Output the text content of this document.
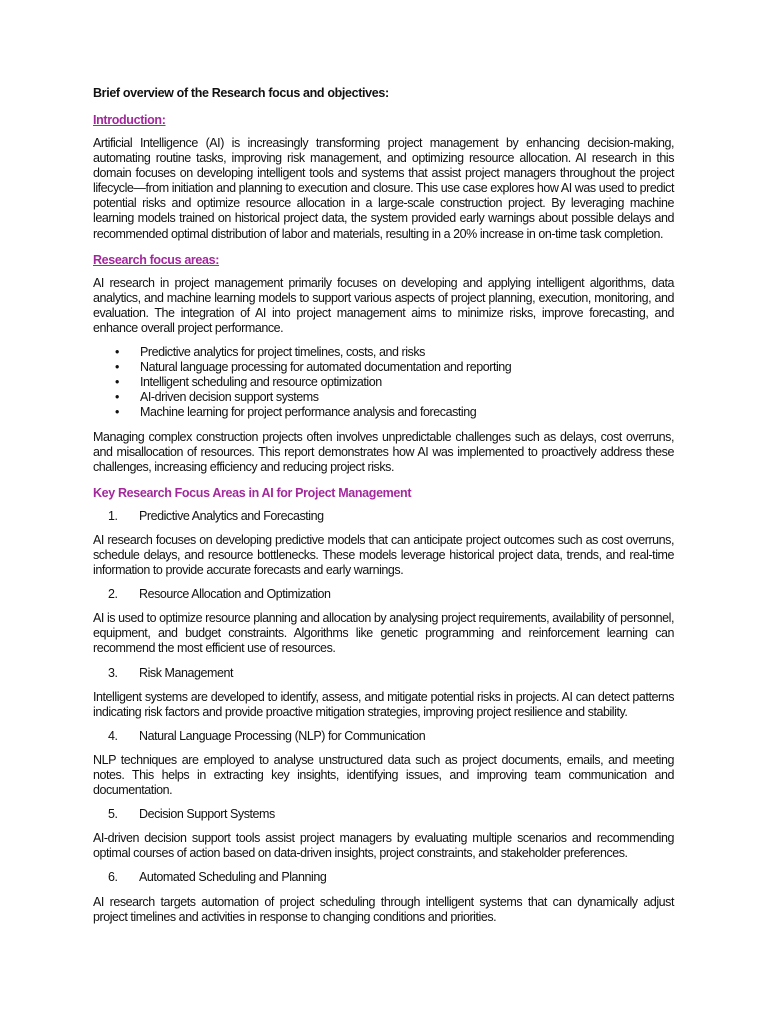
Brief overview of the Research focus and objectives:
Introduction:

Artificial Intelligence (AI) is increasingly transforming project management by enhancing decision-making, automating routine tasks, improving risk management, and optimizing resource allocation. AI research in this domain focuses on developing intelligent tools and systems that assist project managers throughout the project lifecycle—from initiation and planning to execution and closure. This use case explores how AI was used to predict potential risks and optimize resource allocation in a large-scale construction project. By leveraging machine learning models trained on historical project data, the system provided early warnings about possible delays and recommended optimal distribution of labor and materials, resulting in a 20% increase in on-time task completion.

Research focus areas:

AI research in project management primarily focuses on developing and applying intelligent algorithms, data analytics, and machine learning models to support various aspects of project planning, execution, monitoring, and evaluation. The integration of AI into project management aims to minimize risks, improve forecasting, and enhance overall project performance.

• Predictive analytics for project timelines, costs, and risks
• Natural language processing for automated documentation and reporting
• Intelligent scheduling and resource optimization
• AI-driven decision support systems
• Machine learning for project performance analysis and forecasting

Managing complex construction projects often involves unpredictable challenges such as delays, cost overruns, and misallocation of resources. This report demonstrates how AI was implemented to proactively address these challenges, increasing efficiency and reducing project risks.

Key Research Focus Areas in AI for Project Management
1.	Predictive Analytics and Forecasting

AI research focuses on developing predictive models that can anticipate project outcomes such as cost overruns, schedule delays, and resource bottlenecks. These models leverage historical project data, trends, and real-time information to provide accurate forecasts and early warnings.

2.	Resource Allocation and Optimization

AI is used to optimize resource planning and allocation by analysing project requirements, availability of personnel, equipment, and budget constraints. Algorithms like genetic programming and reinforcement learning can recommend the most efficient use of resources.

3.	Risk Management

Intelligent systems are developed to identify, assess, and mitigate potential risks in projects. AI can detect patterns indicating risk factors and provide proactive mitigation strategies, improving project resilience and stability.

4.	Natural Language Processing (NLP) for Communication

NLP techniques are employed to analyse unstructured data such as project documents, emails, and meeting notes. This helps in extracting key insights, identifying issues, and improving team communication and documentation.

5.	Decision Support Systems

AI-driven decision support tools assist project managers by evaluating multiple scenarios and recommending optimal courses of action based on data-driven insights, project constraints, and stakeholder preferences.

6.	Automated Scheduling and Planning

AI research targets automation of project scheduling through intelligent systems that can dynamically adjust project timelines and activities in response to changing conditions and priorities.
